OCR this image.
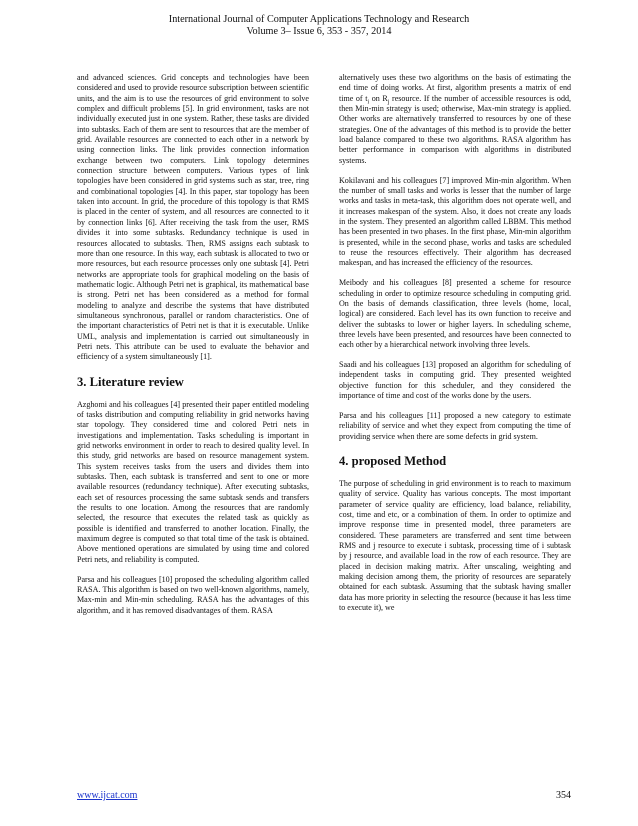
International Journal of Computer Applications Technology and Research
Volume 3– Issue 6, 353 - 357, 2014

and advanced sciences. Grid concepts and technologies have been considered and used to provide resource subscription between scientific units, and the aim is to use the resources of grid environment to solve complex and difficult problems [5]. In grid environment, tasks are not individually executed just in one system. Rather, these tasks are divided into subtasks. Each of them are sent to resources that are the member of grid. Available resources are connected to each other in a network by using connection links. The link provides connection information exchange between two computers. Link topology determines connection structure between computers. Various types of link topologies have been considered in grid systems such as star, tree, ring and combinational topologies [4]. In this paper, star topology has been taken into account. In grid, the procedure of this topology is that RMS is placed in the center of system, and all resources are connected to it by connection links [6]. After receiving the task from the user, RMS divides it into some subtasks. Redundancy technique is used in resources allocated to subtasks. Then, RMS assigns each subtask to more than one resource. In this way, each subtask is allocated to two or more resources, but each resource processes only one subtask [4]. Petri networks are appropriate tools for graphical modeling on the basis of mathematic logic. Although Petri net is graphical, its mathematical base is strong. Petri net has been considered as a method for formal modeling to analyze and describe the systems that have distributed simultaneous synchronous, parallel or random characteristics. One of the important characteristics of Petri net is that it is executable. Unlike UML, analysis and implementation is carried out simultaneously in Petri nets. This attribute can be used to evaluate the behavior and efficiency of a system simultaneously [1].

3. Literature review

Azghomi and his colleagues [4] presented their paper entitled modeling of tasks distribution and computing reliability in grid networks having star topology. They considered time and colored Petri nets in investigations and implementation. Tasks scheduling is important in grid networks environment in order to reach to desired quality level. In this study, grid networks are based on resource management system. This system receives tasks from the users and divides them into subtasks. Then, each subtask is transferred and sent to one or more available resources (redundancy technique). After executing subtasks, each set of resources processing the same subtask sends and transfers the results to one location. Among the resources that are randomly selected, the resource that executes the related task as quickly as possible is identified and transferred to another location. Finally, the maximum degree is computed so that total time of the task is obtained. Above mentioned operations are simulated by using time and colored Petri nets, and reliability is computed.

Parsa and his colleagues [10] proposed the scheduling algorithm called RASA. This algorithm is based on two well-known algorithms, namely, Max-min and Min-min scheduling. RASA has the advantages of this algorithm, and it has removed disadvantages of them. RASA

alternatively uses these two algorithms on the basis of estimating the end time of doing works. At first, algorithm presents a matrix of end time of $t_i$ on $R_j$ resource. If the number of accessible resources is odd, then Min-min strategy is used; otherwise, Max-min strategy is applied. Other works are alternatively transferred to resources by one of these strategies. One of the advantages of this method is to provide the better load balance compared to these two algorithms. RASA algorithm has better performance in comparison with algorithms in distributed systems.

Kokilavani and his colleagues [7] improved Min-min algorithm. When the number of small tasks and works is lesser that the number of large works and tasks in meta-task, this algorithm does not operate well, and it increases makespan of the system. Also, it does not create any loads in the system. They presented an algorithm called LBBM. This method has been presented in two phases. In the first phase, Min-min algorithm is presented, while in the second phase, works and tasks are scheduled to reuse the resources effectively. Their algorithm has decreased makespan, and has increased the efficiency of the resources.

Meibody and his colleagues [8] presented a scheme for resource scheduling in order to optimize resource scheduling in computing grid. On the basis of demands classification, three levels (home, local, logical) are considered. Each level has its own function to receive and deliver the subtasks to lower or higher layers. In scheduling scheme, three levels have been presented, and resources have been connected to each other by a hierarchical network involving three levels.

Saadi and his colleagues [13] proposed an algorithm for scheduling of independent tasks in computing grid. They presented weighted objective function for this scheduler, and they considered the importance of time and cost of the works done by the users.

Parsa and his colleagues [11] proposed a new category to estimate reliability of service and whet they expect from computing the time of providing service when there are some defects in grid system.

4. proposed Method

The purpose of scheduling in grid environment is to reach to maximum quality of service. Quality has various concepts. The most important parameter of service quality are efficiency, load balance, reliability, cost, time and etc, or a combination of them. In order to optimize and improve response time in presented model, three parameters are considered. These parameters are transferred and sent time between RMS and j resource to execute i subtask, processing time of i subtask by j resource, and available load in the row of each resource. They are placed in decision making matrix. After unscaling, weighting and making decision among them, the priority of resources are separately obtained for each subtask. Assuming that the subtask having smaller data has more priority in selecting the resource (because it has less time to execute it), we

www.ijcat.com	354
